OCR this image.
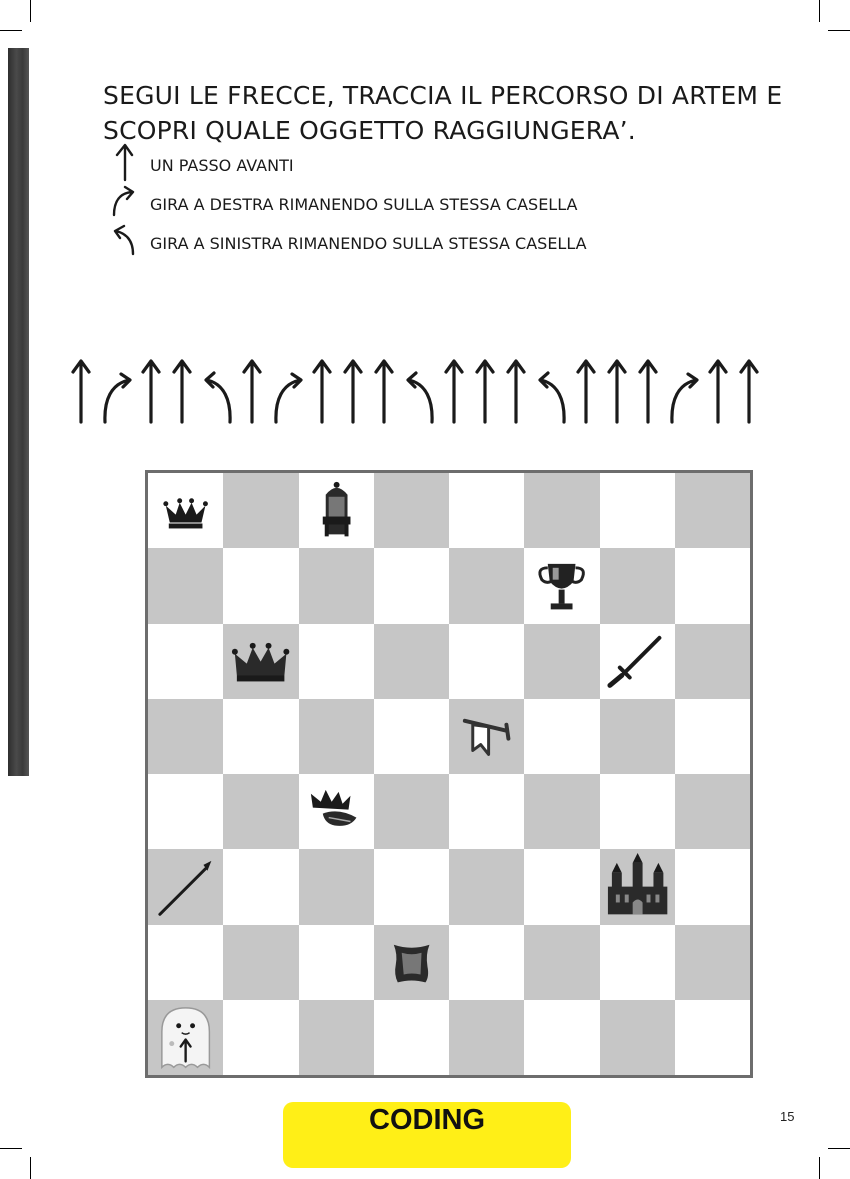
SEGUI LE FRECCE, TRACCIA IL PERCORSO DI ARTEM E
SCOPRI QUALE OGGETTO RAGGIUNGERA’.
UN PASSO AVANTI
GIRA A DESTRA RIMANENDO SULLA STESSA CASELLA
GIRA A SINISTRA RIMANENDO SULLA STESSA CASELLA
CODING	15
